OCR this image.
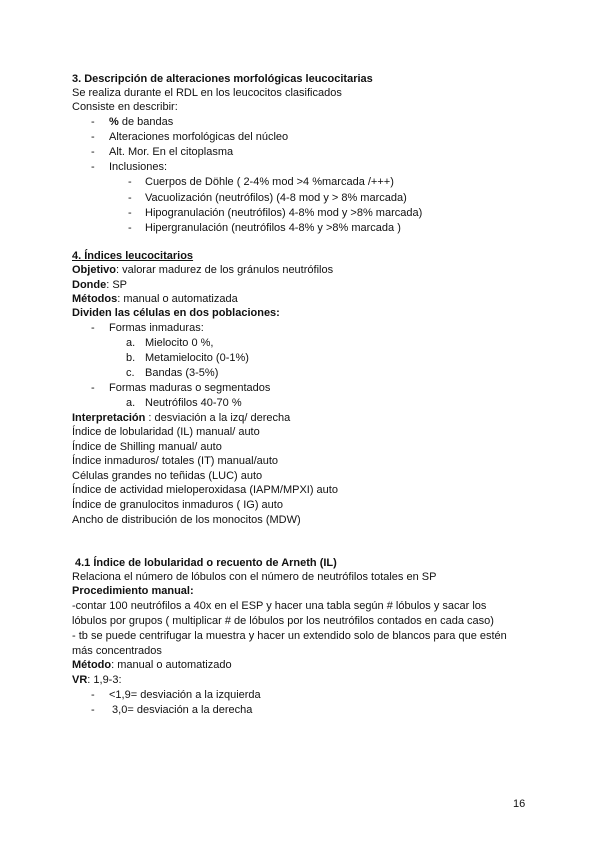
3. Descripción de alteraciones morfológicas leucocitarias
Se realiza durante el RDL en los leucocitos clasificados
Consiste en describir:
- % de bandas
- Alteraciones morfológicas del núcleo
- Alt. Mor. En el citoplasma
- Inclusiones:
- Cuerpos de Döhle ( 2-4% mod >4 %marcada /+++)
- Vacuolización (neutrófilos) (4-8 mod y > 8% marcada)
- Hipogranulación (neutrófilos) 4-8% mod y >8% marcada)
- Hipergranulación (neutrófilos 4-8% y >8% marcada )
4. Índices leucocitarios
Objetivo: valorar madurez de los gránulos neutrófilos
Donde: SP
Métodos: manual o automatizada
Dividen las células en dos poblaciones:
- Formas inmaduras:
a. Mielocito 0 %,
b. Metamielocito (0-1%)
c. Bandas (3-5%)
- Formas maduras o segmentados
a. Neutrófilos 40-70 %
Interpretación : desviación a la izq/ derecha
Índice de lobularidad (IL) manual/ auto
Índice de Shilling manual/ auto
Índice inmaduros/ totales (IT) manual/auto
Células grandes no teñidas (LUC) auto
Índice de actividad mieloperoxidasa (IAPM/MPXI) auto
Índice de granulocitos inmaduros ( IG) auto
Ancho de distribución de los monocitos (MDW)
4.1 Índice de lobularidad o recuento de Arneth (IL)
Relaciona el número de lóbulos con el número de neutrófilos totales en SP
Procedimiento manual:
-contar 100 neutrófilos a 40x en el ESP y hacer una tabla según # lóbulos y sacar los
lóbulos por grupos ( multiplicar # de lóbulos por los neutrófilos contados en cada caso)
- tb se puede centrifugar la muestra y hacer un extendido solo de blancos para que estén
más concentrados
Método: manual o automatizado
VR: 1,9-3:
- <1,9= desviación a la izquierda
- 3,0= desviación a la derecha
16
